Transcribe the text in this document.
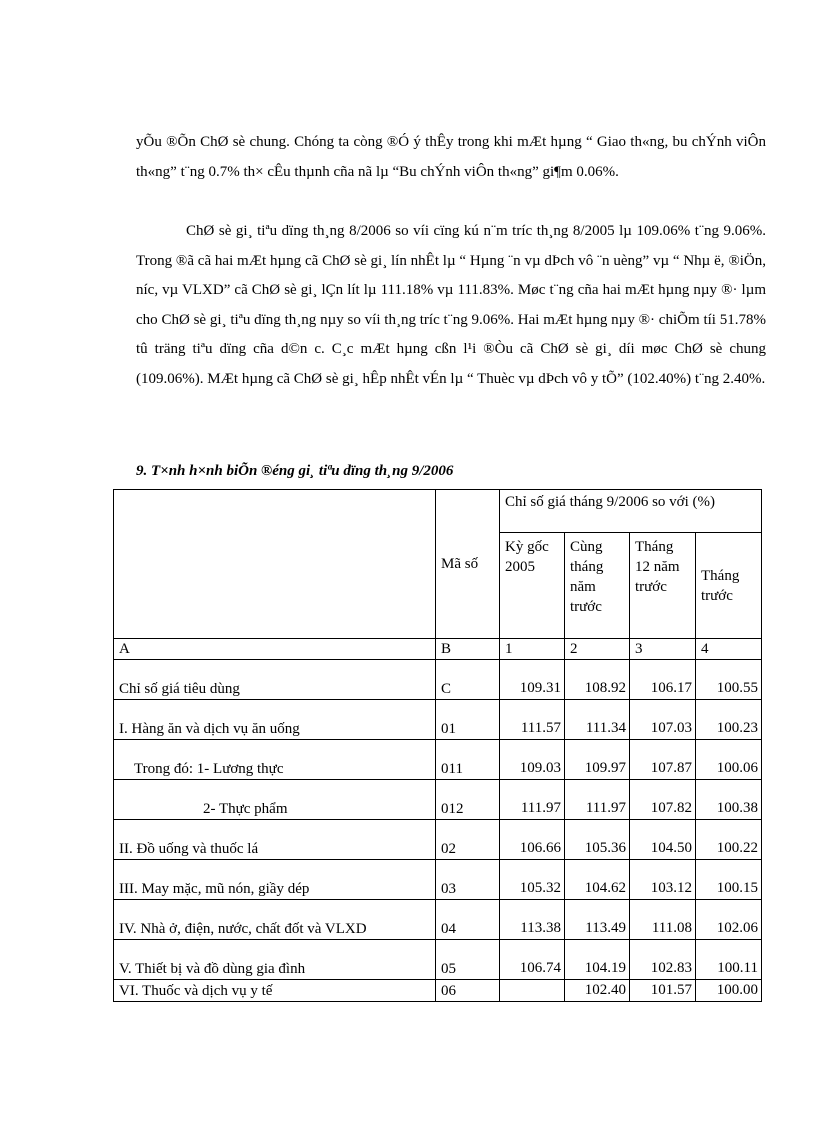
yÕu ®Õn ChØ sè chung. Chóng ta còng ®Ó ý thÊy trong khi mÆt hµng “ Giao th«ng, bu chÝnh viÔn th«ng” t¨ng 0.7% th× cÊu thµnh cña nã lµ “Bu chÝnh viÔn th«ng” gi¶m 0.06%.

ChØ sè gi¸ tiªu dïng th¸ng 8/2006 so víi cïng kú n¨m tríc th¸ng 8/2005 lµ 109.06% t¨ng 9.06%. Trong ®ã cã hai mÆt hµng cã ChØ sè gi¸ lín nhÊt lµ “ Hµng ¨n vµ dÞch vô ¨n uèng” vµ “ Nhµ ë, ®iÖn, níc, vµ VLXD” cã ChØ sè gi¸ lÇn lít lµ 111.18% vµ 111.83%. Møc t¨ng cña hai mÆt hµng nµy ®· lµm cho ChØ sè gi¸ tiªu dïng th¸ng nµy so víi th¸ng tríc t¨ng 9.06%. Hai mÆt hµng nµy ®· chiÕm tíi 51.78% tû träng tiªu dïng cña d©n c. C¸c mÆt hµng cßn l¹i ®Òu cã ChØ sè gi¸ díi møc ChØ sè chung (109.06%). MÆt hµng cã ChØ sè gi¸ hÊp nhÊt vÉn lµ “ Thuèc vµ dÞch vô y tÕ” (102.40%) t¨ng 2.40%.

9. T×nh h×nh biÕn ®éng gi¸ tiªu dïng th¸ng 9/2006

	Mã số	Chỉ số giá tháng 9/2006 so với (%)			
		Kỳ gốc 2005	Cùng tháng năm trước	Tháng 12 năm trước	Tháng trước
A	B	1	2	3	4
Chỉ số giá tiêu dùng	C	109.31	108.92	106.17	100.55
I. Hàng ăn và dịch vụ ăn uống	01	111.57	111.34	107.03	100.23
Trong đó: 1- Lương thực	011	109.03	109.97	107.87	100.06
2- Thực phẩm	012	111.97	111.97	107.82	100.38
II. Đồ uống và thuốc lá	02	106.66	105.36	104.50	100.22
III. May mặc, mũ nón, giầy dép	03	105.32	104.62	103.12	100.15
IV. Nhà ở, điện, nước, chất đốt và VLXD	04	113.38	113.49	111.08	102.06
V. Thiết bị và đồ dùng gia đình	05	106.74	104.19	102.83	100.11
VI. Thuốc và dịch vụ y tế	06		102.40	101.57	100.00
